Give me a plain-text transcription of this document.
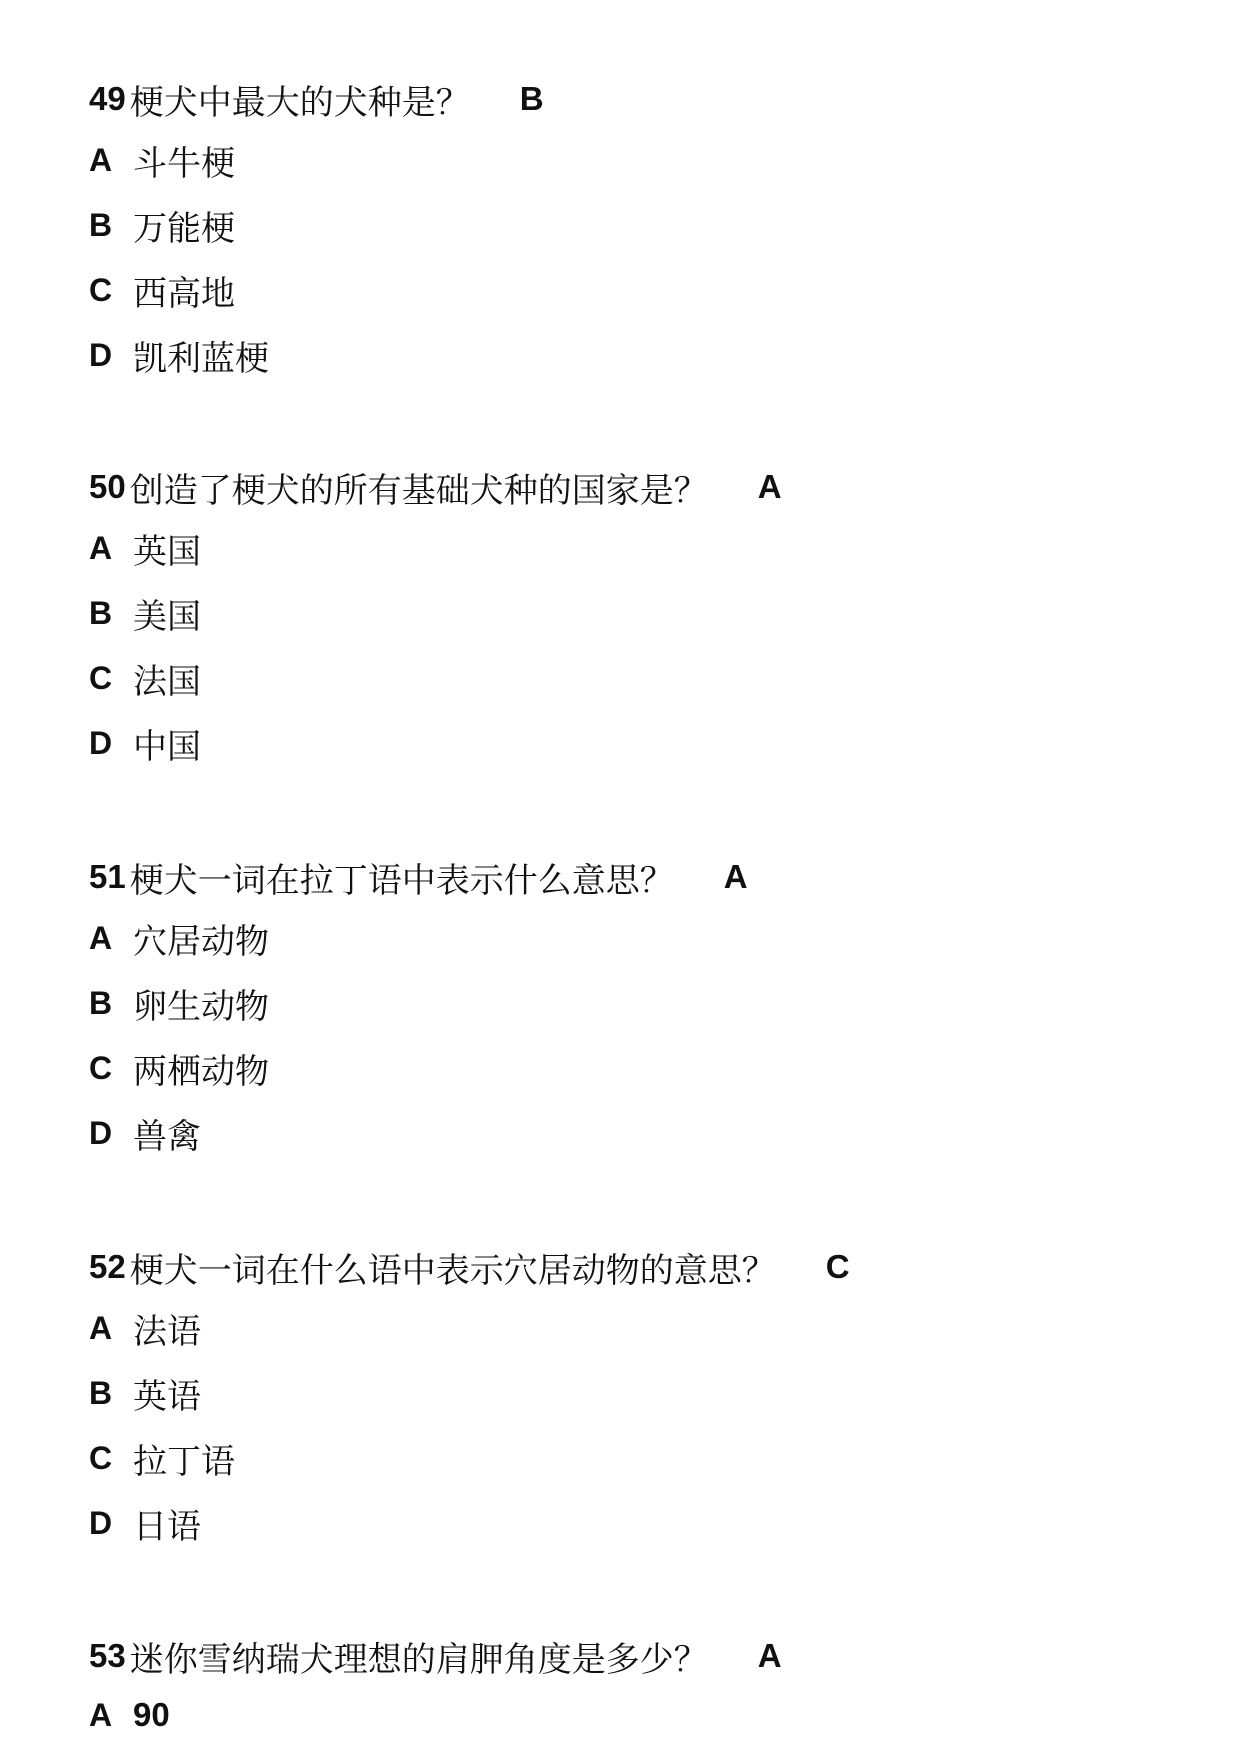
49 梗犬中最大的犬种是？ B
A 斗牛梗
B 万能梗
C 西高地
D 凯利蓝梗
50 创造了梗犬的所有基础犬种的国家是？ A
A 英国
B 美国
C 法国
D 中国
51 梗犬一词在拉丁语中表示什么意思？ A
A 穴居动物
B 卵生动物
C 两栖动物
D 兽禽
52 梗犬一词在什么语中表示穴居动物的意思？ C
A 法语
B 英语
C 拉丁语
D 日语
53 迷你雪纳瑞犬理想的肩胛角度是多少？ A
A 90
